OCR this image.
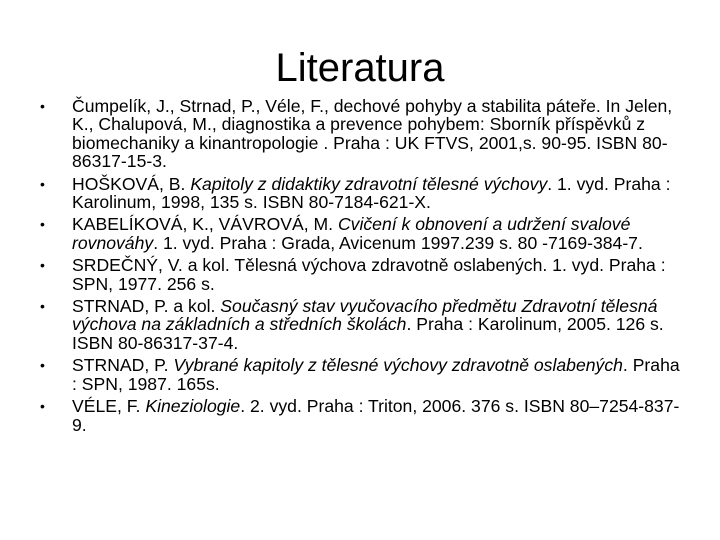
Literatura
• Čumpelík, J., Strnad, P., Véle, F., dechové pohyby a stabilita páteře. In Jelen, K., Chalupová, M., diagnostika a prevence pohybem: Sborník příspěvků z biomechaniky a kinantropologie . Praha : UK FTVS, 2001,s. 90-95. ISBN 80-86317-15-3.
• HOŠKOVÁ, B. Kapitoly z didaktiky zdravotní tělesné výchovy. 1. vyd. Praha : Karolinum, 1998, 135 s. ISBN 80-7184-621-X.
• KABELÍKOVÁ, K., VÁVROVÁ, M. Cvičení k obnovení a udržení svalové rovnováhy. 1. vyd. Praha : Grada, Avicenum 1997.239 s. 80 -7169-384-7.
• SRDEČNÝ, V. a kol. Tělesná výchova zdravotně oslabených. 1. vyd. Praha : SPN, 1977. 256 s.
• STRNAD, P. a kol. Současný stav vyučovacího předmětu Zdravotní tělesná výchova na základních a středních školách. Praha : Karolinum, 2005. 126 s. ISBN 80-86317-37-4.
• STRNAD, P. Vybrané kapitoly z tělesné výchovy zdravotně oslabených. Praha : SPN, 1987. 165s.
• VÉLE, F. Kineziologie. 2. vyd. Praha : Triton, 2006. 376 s. ISBN 80–7254-837-9.
